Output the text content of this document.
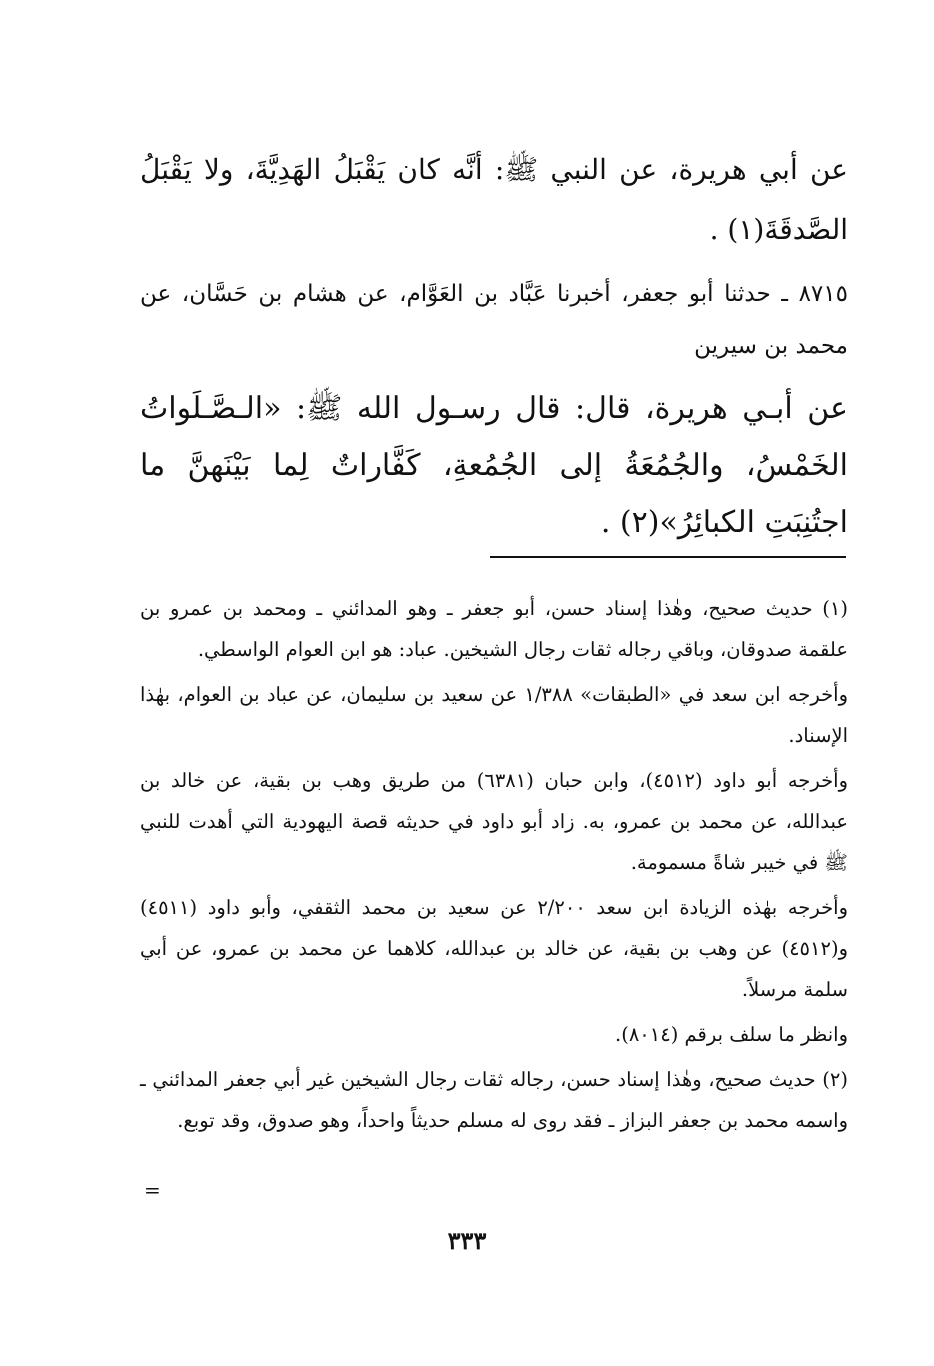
عن أبي هريرة، عن النبي ﷺ: أنَّه كان يَقْبَلُ الهَدِيَّةَ، ولا يَقْبَلُ الصَّدقَةَ(١) .

٨٧١٥ ـ حدثنا أبو جعفر، أخبرنا عَبَّاد بن العَوَّام، عن هشام بن حَسَّان، عن محمد بن سيرين

عن أبـي هريرة، قال: قال رسـول الله ﷺ: «الـصَّـلَواتُ الخَمْسُ، والجُمُعَةُ إلى الجُمُعةِ، كَفَّاراتٌ لِما بَيْنَهنَّ ما اجتُنِبَتِ الكبائِرُ»(٢) .

(١) حديث صحيح، وهٰذا إسناد حسن، أبو جعفر ـ وهو المدائني ـ ومحمد بن عمرو بن علقمة صدوقان، وباقي رجاله ثقات رجال الشيخين. عباد: هو ابن العوام الواسطي.

وأخرجه ابن سعد في «الطبقات» ١/٣٨٨ عن سعيد بن سليمان، عن عباد بن العوام، بهٰذا الإسناد.

وأخرجه أبو داود (٤٥١٢)، وابن حبان (٦٣٨١) من طريق وهب بن بقية، عن خالد بن عبدالله، عن محمد بن عمرو، به. زاد أبو داود في حديثه قصة اليهودية التي أهدت للنبي ﷺ في خيبر شاةً مسمومة.

وأخرجه بهٰذه الزيادة ابن سعد ٢/٢٠٠ عن سعيد بن محمد الثقفي، وأبو داود (٤٥١١) و(٤٥١٢) عن وهب بن بقية، عن خالد بن عبدالله، كلاهما عن محمد بن عمرو، عن أبي سلمة مرسلاً.

وانظر ما سلف برقم (٨٠١٤).

(٢) حديث صحيح، وهٰذا إسناد حسن، رجاله ثقات رجال الشيخين غير أبي جعفر المدائني ـ واسمه محمد بن جعفر البزاز ـ فقد روى له مسلم حديثاً واحداً، وهو صدوق، وقد توبع.

=
٣٣٣
